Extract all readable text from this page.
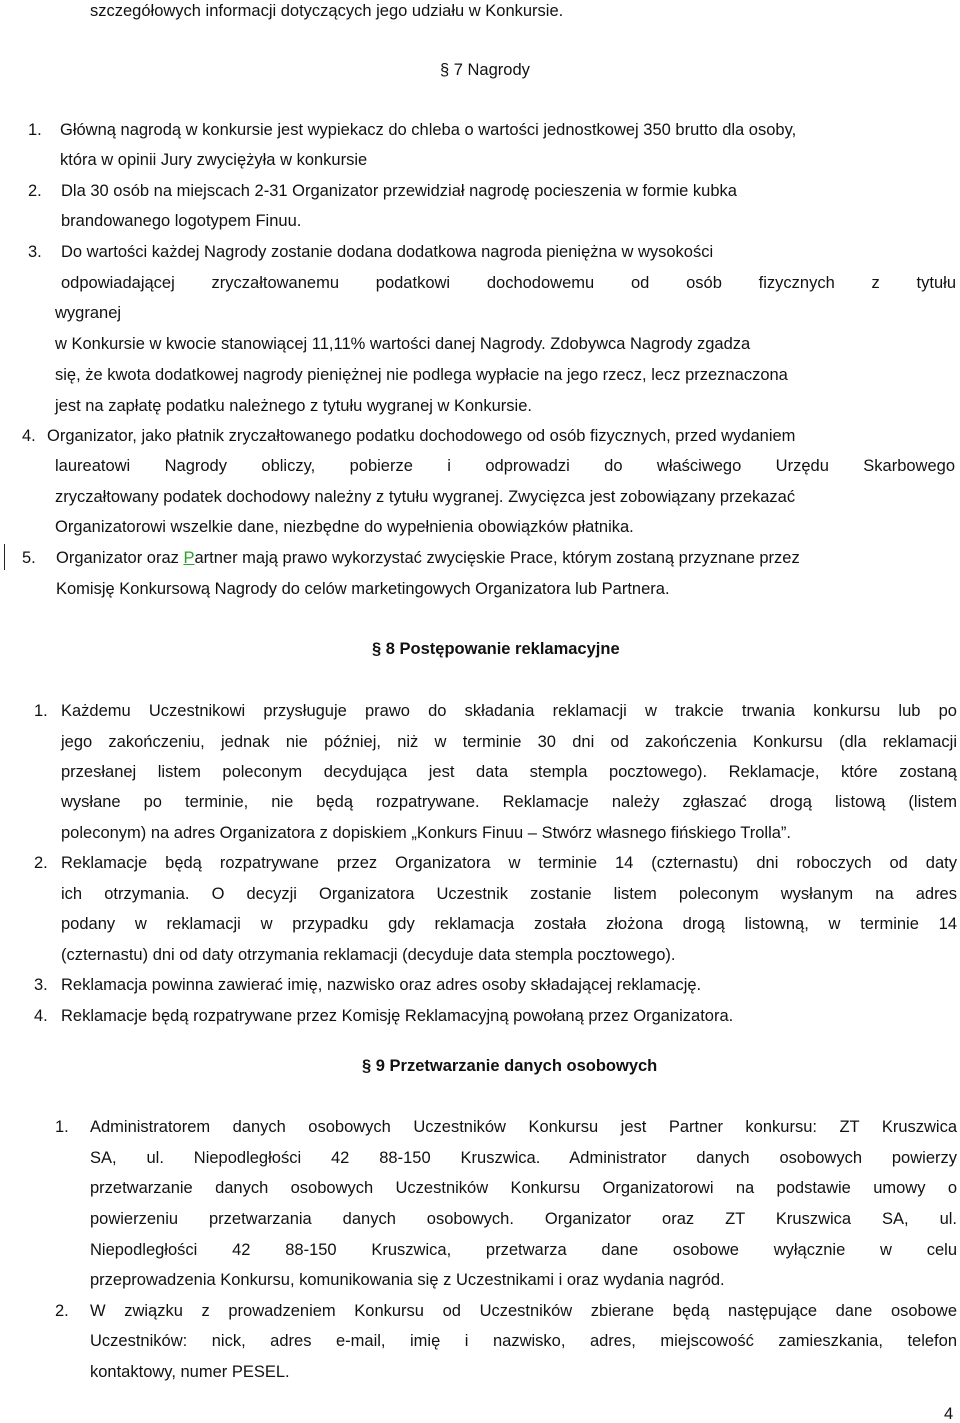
szczegółowych informacji dotyczących jego udziału w Konkursie.
§ 7 Nagrody
1. Główną nagrodą w konkursie jest wypiekacz do chleba o wartości jednostkowej 350 brutto dla osoby,
która w opinii Jury zwyciężyła w konkursie
2. Dla 30 osób na miejscach 2-31 Organizator przewidział nagrodę pocieszenia w formie kubka
brandowanego logotypem Finuu.
3. Do wartości każdej Nagrody zostanie dodana dodatkowa nagroda pieniężna w wysokości
odpowiadającej zryczałtowanemu podatkowi dochodowemu od osób fizycznych z tytułu
wygranej
w Konkursie w kwocie stanowiącej 11,11% wartości danej Nagrody. Zdobywca Nagrody zgadza
się, że kwota dodatkowej nagrody pieniężnej nie podlega wypłacie na jego rzecz, lecz przeznaczona
jest na zapłatę podatku należnego z tytułu wygranej w Konkursie.
4. Organizator, jako płatnik zryczałtowanego podatku dochodowego od osób fizycznych, przed wydaniem
laureatowi Nagrody obliczy, pobierze i odprowadzi do właściwego Urzędu Skarbowego
zryczałtowany podatek dochodowy należny z tytułu wygranej. Zwycięzca jest zobowiązany przekazać
Organizatorowi wszelkie dane, niezbędne do wypełnienia obowiązków płatnika.
5. Organizator oraz Partner mają prawo wykorzystać zwycięskie Prace, którym zostaną przyznane przez
Komisję Konkursową Nagrody do celów marketingowych Organizatora lub Partnera.
§ 8 Postępowanie reklamacyjne
1. Każdemu Uczestnikowi przysługuje prawo do składania reklamacji w trakcie trwania konkursu lub po
jego zakończeniu, jednak nie później, niż w terminie 30 dni od zakończenia Konkursu (dla reklamacji
przesłanej listem poleconym decydująca jest data stempla pocztowego). Reklamacje, które zostaną
wysłane po terminie, nie będą rozpatrywane. Reklamacje należy zgłaszać drogą listową (listem
poleconym) na adres Organizatora z dopiskiem „Konkurs Finuu – Stwórz własnego fińskiego Trolla”.
2. Reklamacje będą rozpatrywane przez Organizatora w terminie 14 (czternastu) dni roboczych od daty
ich otrzymania. O decyzji Organizatora Uczestnik zostanie listem poleconym wysłanym na adres
podany w reklamacji w przypadku gdy reklamacja została złożona drogą listowną, w terminie 14
(czternastu) dni od daty otrzymania reklamacji (decyduje data stempla pocztowego).
3. Reklamacja powinna zawierać imię, nazwisko oraz adres osoby składającej reklamację.
4. Reklamacje będą rozpatrywane przez Komisję Reklamacyjną powołaną przez Organizatora.
§ 9 Przetwarzanie danych osobowych
1. Administratorem danych osobowych Uczestników Konkursu jest Partner konkursu: ZT Kruszwica
SA, ul. Niepodległości 42 88-150 Kruszwica. Administrator danych osobowych powierzy
przetwarzanie danych osobowych Uczestników Konkursu Organizatorowi na podstawie umowy o
powierzeniu przetwarzania danych osobowych. Organizator oraz ZT Kruszwica SA, ul.
Niepodległości 42 88-150 Kruszwica, przetwarza dane osobowe wyłącznie w celu
przeprowadzenia Konkursu, komunikowania się z Uczestnikami i oraz wydania nagród.
2. W związku z prowadzeniem Konkursu od Uczestników zbierane będą następujące dane osobowe
Uczestników: nick, adres e-mail, imię i nazwisko, adres, miejscowość zamieszkania, telefon
kontaktowy, numer PESEL.
4
